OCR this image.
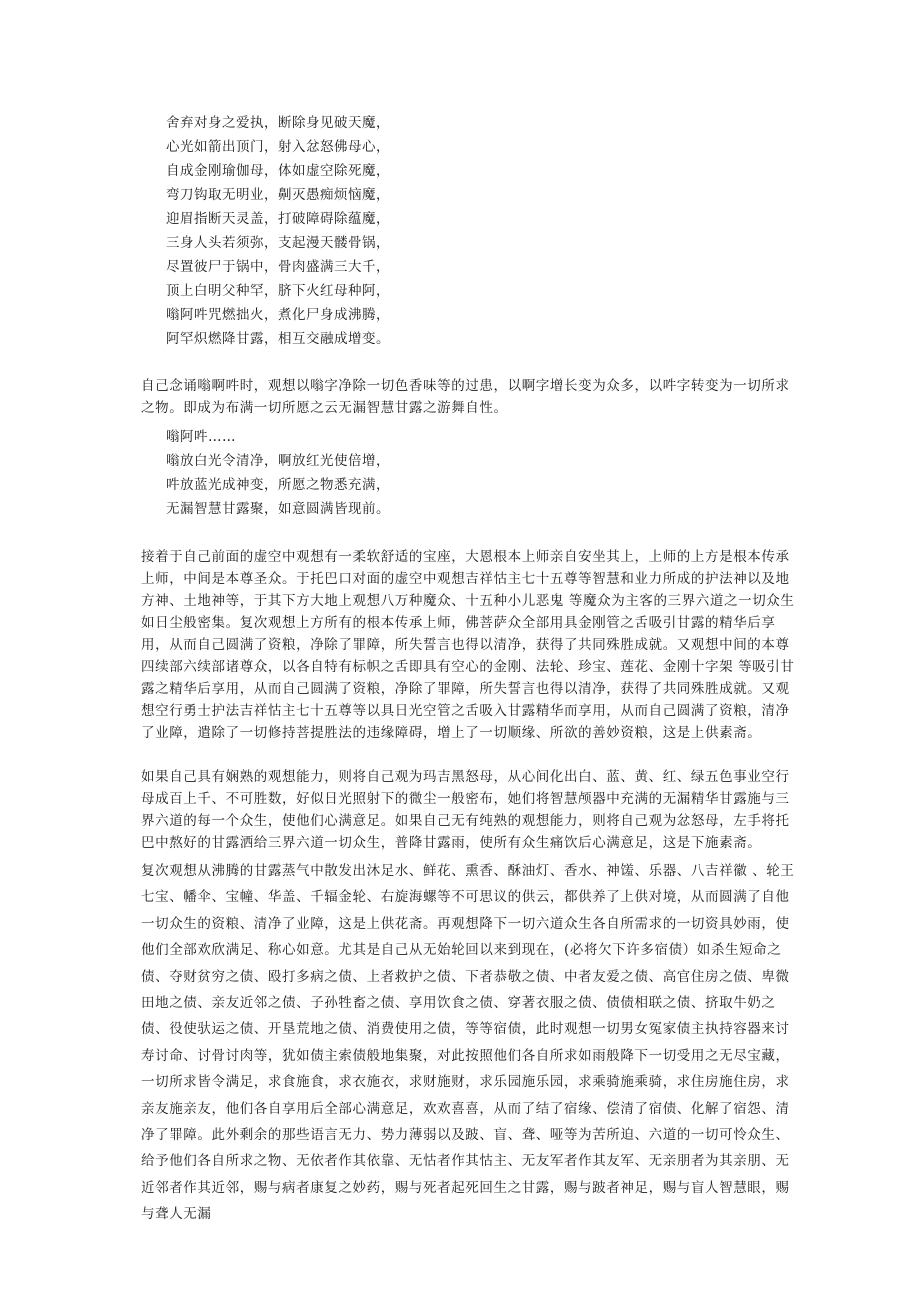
舍弃对身之爱执，断除身见破天魔，
心光如箭出顶门，射入忿怒佛母心，
自成金刚瑜伽母，体如虚空除死魔，
弯刀钩取无明业，劓灭愚痴烦恼魔，
迎眉指断天灵盖，打破障碍除蕴魔，
三身人头若须弥，支起漫天髅骨锅，
尽置彼尸于锅中，骨肉盛满三大千，
顶上白明父种罕，脐下火红母种阿，
嗡阿吽咒燃拙火，煮化尸身成沸腾，
阿罕炽燃降甘露，相互交融成增变。

自己念诵嗡啊吽时，观想以嗡字净除一切色香味等的过患，以啊字增长变为众多，以吽字转变为一切所求之物。即成为布满一切所愿之云无漏智慧甘露之游舞自性。

嗡阿吽……
嗡放白光令清净，啊放红光使倍增，
吽放蓝光成神变，所愿之物悉充满，
无漏智慧甘露聚，如意圆满皆现前。

接着于自己前面的虚空中观想有一柔软舒适的宝座，大恩根本上师亲自安坐其上，上师的上方是根本传承上师，中间是本尊圣众。于托巴口对面的虚空中观想吉祥怙主七十五尊等智慧和业力所成的护法神以及地方神、土地神等，于其下方大地上观想八万种魔众、十五种小儿恶鬼 等魔众为主客的三界六道之一切众生如日尘般密集。复次观想上方所有的根本传承上师，佛菩萨众全部用具金刚管之舌吸引甘露的精华后享用，从而自己圆满了资粮，净除了罪障，所失誓言也得以清净，获得了共同殊胜成就。又观想中间的本尊四续部六续部诸尊众，以各自特有标帜之舌即具有空心的金刚、法轮、珍宝、莲花、金刚十字架 等吸引甘露之精华后享用，从而自己圆满了资粮，净除了罪障，所失誓言也得以清净，获得了共同殊胜成就。又观想空行勇士护法吉祥怙主七十五尊等以具日光空管之舌吸入甘露精华而享用，从而自己圆满了资粮，清净了业障，遣除了一切修持菩提胜法的违缘障碍，增上了一切顺缘、所欲的善妙资粮，这是上供素斋。

如果自己具有娴熟的观想能力，则将自己观为玛吉黑怒母，从心间化出白、蓝、黄、红、绿五色事业空行母成百上千、不可胜数，好似日光照射下的微尘一般密布，她们将智慧颅器中充满的无漏精华甘露施与三界六道的每一个众生，使他们心满意足。如果自己无有纯熟的观想能力，则将自己观为忿怒母，左手将托巴中熬好的甘露洒给三界六道一切众生，普降甘露雨，使所有众生痛饮后心满意足，这是下施素斋。

复次观想从沸腾的甘露蒸气中散发出沐足水、鲜花、熏香、酥油灯、香水、神馐、乐器、八吉祥徽 、轮王七宝、幡伞、宝幢、华盖、千辐金轮、右旋海螺等不可思议的供云，都供养了上供对境，从而圆满了自他一切众生的资粮、清净了业障，这是上供花斋。再观想降下一切六道众生各自所需求的一切资具妙雨，使他们全部欢欣满足、称心如意。尤其是自己从无始轮回以来到现在，(必将欠下许多宿债）如杀生短命之债、夺财贫穷之债、殴打多病之债、上者救护之债、下者恭敬之债、中者友爱之债、高官住房之债、卑微田地之债、亲友近邻之债、子孙牲畜之债、享用饮食之债、穿著衣服之债、债债相联之债、挤取牛奶之债、役使驮运之债、开垦荒地之债、消费使用之债，等等宿债，此时观想一切男女冤家债主执持容器来讨寿讨命、讨骨讨肉等，犹如债主索债般地集聚，对此按照他们各自所求如雨般降下一切受用之无尽宝藏，一切所求皆令满足，求食施食，求衣施衣，求财施财，求乐园施乐园，求乘骑施乘骑，求住房施住房，求亲友施亲友，他们各自享用后全部心满意足，欢欢喜喜，从而了结了宿缘、偿清了宿债、化解了宿怨、清净了罪障。此外剩余的那些语言无力、势力薄弱以及跛、盲、聋、哑等为苦所迫、六道的一切可怜众生、给予他们各自所求之物、无依者作其依靠、无怙者作其怙主、无友军者作其友军、无亲朋者为其亲朋、无近邻者作其近邻，赐与病者康复之妙药，赐与死者起死回生之甘露，赐与跛者神足，赐与盲人智慧眼，赐与聋人无漏
